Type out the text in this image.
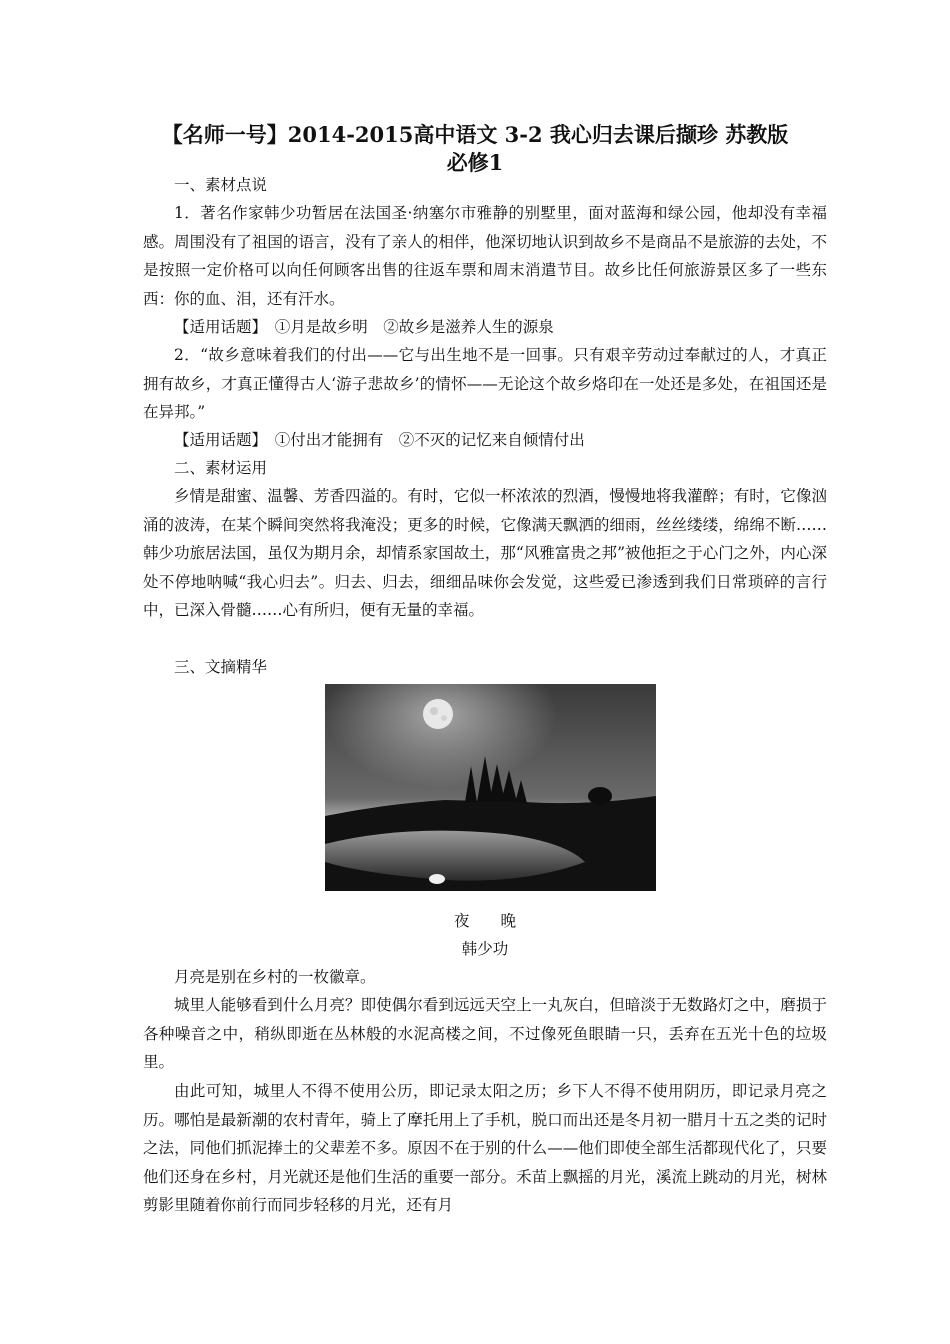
【名师一号】2014-2015高中语文 3-2 我心归去课后撷珍 苏教版
必修1
一、素材点说
1．著名作家韩少功暂居在法国圣·纳塞尔市雅静的别墅里，面对蓝海和绿公园，他却没有幸福感。周围没有了祖国的语言，没有了亲人的相伴，他深切地认识到故乡不是商品不是旅游的去处，不是按照一定价格可以向任何顾客出售的往返车票和周末消遣节目。故乡比任何旅游景区多了一些东西：你的血、泪，还有汗水。
【适用话题】　①月是故乡明　②故乡是滋养人生的源泉
2．“故乡意味着我们的付出——它与出生地不是一回事。只有艰辛劳动过奉献过的人，才真正拥有故乡，才真正懂得古人‘游子悲故乡’的情怀——无论这个故乡烙印在一处还是多处，在祖国还是在异邦。”
【适用话题】　①付出才能拥有　②不灭的记忆来自倾情付出
二、素材运用
乡情是甜蜜、温馨、芳香四溢的。有时，它似一杯浓浓的烈酒，慢慢地将我灌醉；有时，它像汹涌的波涛，在某个瞬间突然将我淹没；更多的时候，它像满天飘洒的细雨，丝丝缕缕，绵绵不断……韩少功旅居法国，虽仅为期月余，却情系家国故土，那“风雅富贵之邦”被他拒之于心门之外，内心深处不停地呐喊“我心归去”。归去、归去，细细品味你会发觉，这些爱已渗透到我们日常琐碎的言行中，已深入骨髓……心有所归，便有无量的幸福。
三、文摘精华
夜　　晚
韩少功
月亮是别在乡村的一枚徽章。
城里人能够看到什么月亮？即使偶尔看到远远天空上一丸灰白，但暗淡于无数路灯之中，磨损于各种噪音之中，稍纵即逝在丛林般的水泥高楼之间，不过像死鱼眼睛一只，丢弃在五光十色的垃圾里。
由此可知，城里人不得不使用公历，即记录太阳之历；乡下人不得不使用阴历，即记录月亮之历。哪怕是最新潮的农村青年，骑上了摩托用上了手机，脱口而出还是冬月初一腊月十五之类的记时之法，同他们抓泥捧土的父辈差不多。原因不在于别的什么——他们即使全部生活都现代化了，只要他们还身在乡村，月光就还是他们生活的重要一部分。禾苗上飘摇的月光，溪流上跳动的月光，树林剪影里随着你前行而同步轻移的月光，还有月
